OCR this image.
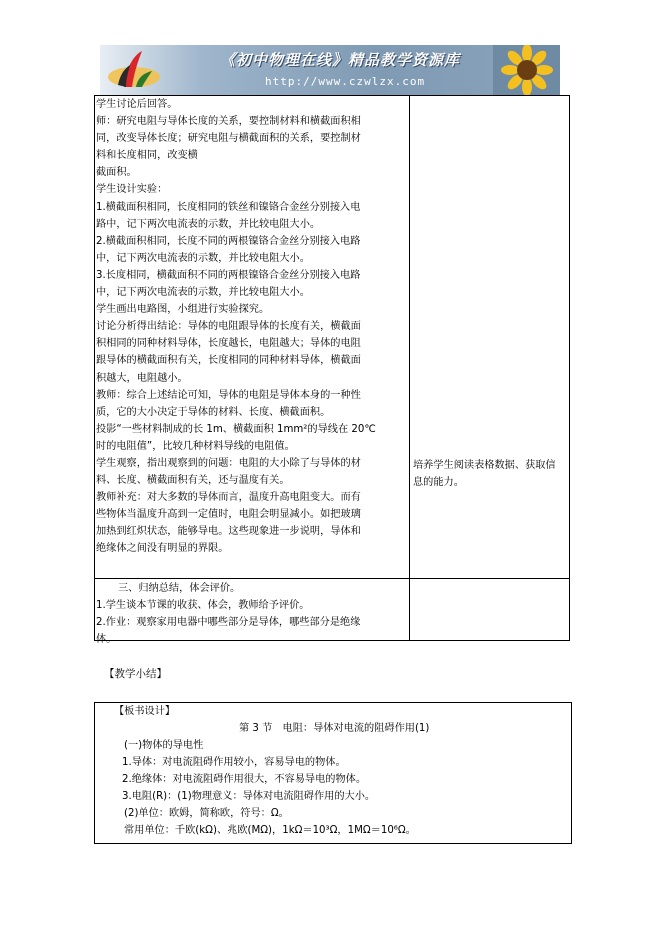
《初中物理在线》精品教学资源库
http://www.czwlzx.com
学生讨论后回答。
师：研究电阻与导体长度的关系，要控制材料和横截面积相
同，改变导体长度；研究电阻与横截面积的关系，要控制材
料和长度相同，改变横
截面积。
学生设计实验：
1.横截面积相同，长度相同的铁丝和镍铬合金丝分别接入电
路中，记下两次电流表的示数，并比较电阻大小。
2.横截面积相同，长度不同的两根镍铬合金丝分别接入电路
中，记下两次电流表的示数，并比较电阻大小。
3.长度相同，横截面积不同的两根镍铬合金丝分别接入电路
中，记下两次电流表的示数，并比较电阻大小。
学生画出电路图，小组进行实验探究。
讨论分析得出结论：导体的电阻跟导体的长度有关，横截面
积相同的同种材料导体，长度越长，电阻越大；导体的电阻
跟导体的横截面积有关，长度相同的同种材料导体，横截面
积越大，电阻越小。
教师：综合上述结论可知，导体的电阻是导体本身的一种性
质，它的大小决定于导体的材料、长度、横截面积。
投影“一些材料制成的长 1m、横截面积 1mm²的导线在 20℃
时的电阻值”，比较几种材料导线的电阻值。
学生观察，指出观察到的问题：电阻的大小除了与导体的材
料、长度、横截面积有关，还与温度有关。
教师补充：对大多数的导体而言，温度升高电阻变大。而有
些物体当温度升高到一定值时，电阻会明显减小。如把玻璃
加热到红炽状态，能够导电。这些现象进一步说明，导体和
绝缘体之间没有明显的界限。
培养学生阅读表格数据、获取信息的能力。
三、归纳总结，体会评价。
1.学生谈本节课的收获、体会，教师给予评价。
2.作业：观察家用电器中哪些部分是导体，哪些部分是绝缘
体。
【教学小结】
【板书设计】
第 3 节　电阻：导体对电流的阻碍作用(1)
(一)物体的导电性
1.导体：对电流阻碍作用较小，容易导电的物体。
2.绝缘体：对电流阻碍作用很大，不容易导电的物体。
3.电阻(R)：(1)物理意义：导体对电流阻碍作用的大小。
(2)单位：欧姆，简称欧，符号：Ω。
常用单位：千欧(kΩ)、兆欧(MΩ)，1kΩ＝10³Ω，1MΩ＝10⁶Ω。
